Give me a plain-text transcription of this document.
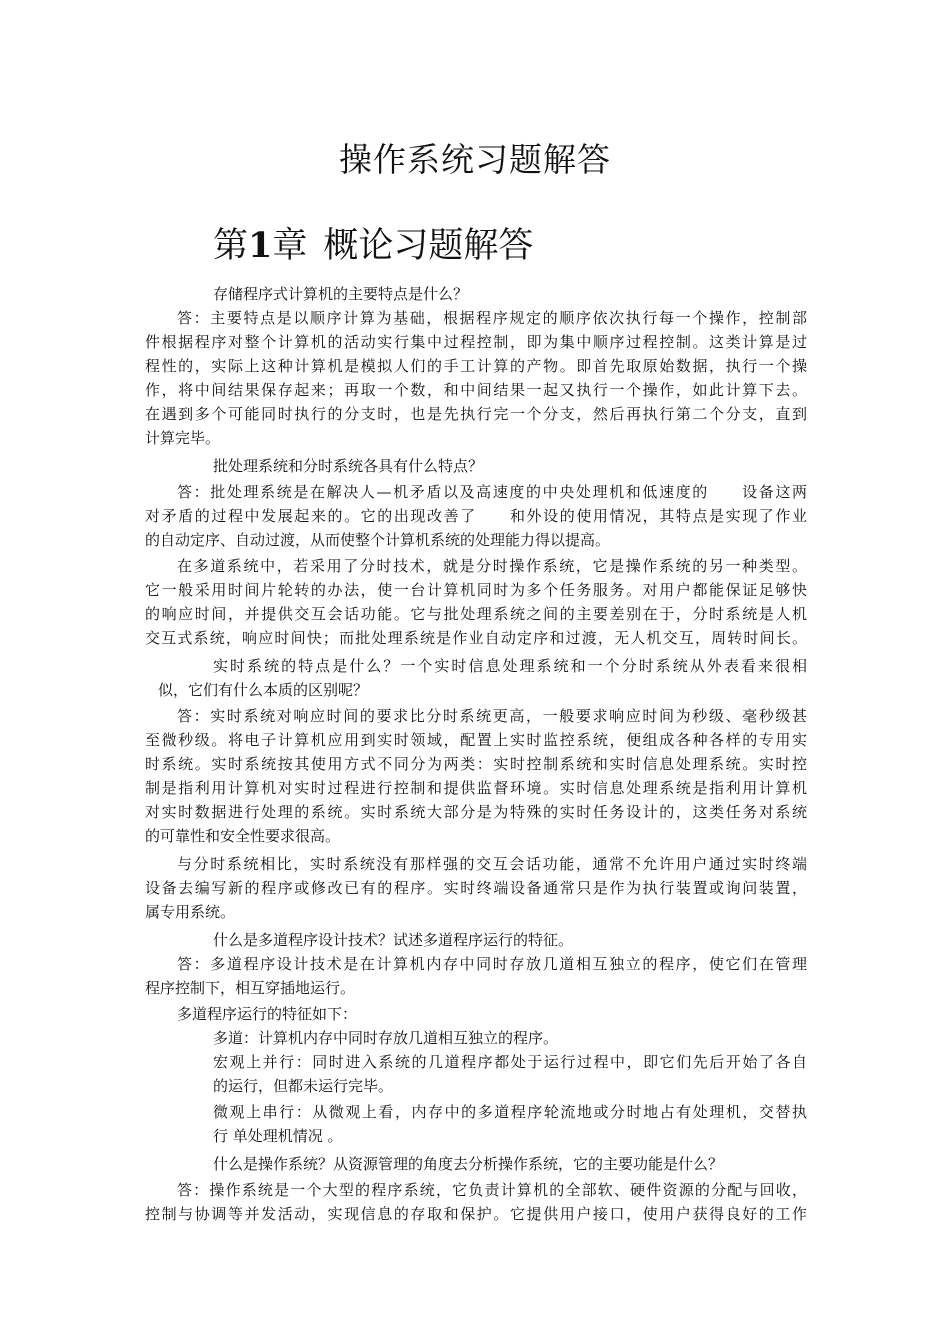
操作系统习题解答
第1章 概论习题解答
存储程序式计算机的主要特点是什么？
答：主要特点是以顺序计算为基础，根据程序规定的顺序依次执行每一个操作，控制部
件根据程序对整个计算机的活动实行集中过程控制，即为集中顺序过程控制。这类计算是过
程性的，实际上这种计算机是模拟人们的手工计算的产物。即首先取原始数据，执行一个操
作，将中间结果保存起来；再取一个数，和中间结果一起又执行一个操作，如此计算下去。
在遇到多个可能同时执行的分支时，也是先执行完一个分支，然后再执行第二个分支，直到
计算完毕。
批处理系统和分时系统各具有什么特点？
答：批处理系统是在解决人—机矛盾以及高速度的中央处理机和低速度的　　设备这两
对矛盾的过程中发展起来的。它的出现改善了　　和外设的使用情况，其特点是实现了作业
的自动定序、自动过渡，从而使整个计算机系统的处理能力得以提高。
在多道系统中，若采用了分时技术，就是分时操作系统，它是操作系统的另一种类型。
它一般采用时间片轮转的办法，使一台计算机同时为多个任务服务。对用户都能保证足够快
的响应时间，并提供交互会话功能。它与批处理系统之间的主要差别在于，分时系统是人机
交互式系统，响应时间快；而批处理系统是作业自动定序和过渡，无人机交互，周转时间长。
实时系统的特点是什么？一个实时信息处理系统和一个分时系统从外表看来很相
似，它们有什么本质的区别呢？
答：实时系统对响应时间的要求比分时系统更高，一般要求响应时间为秒级、毫秒级甚
至微秒级。将电子计算机应用到实时领域，配置上实时监控系统，便组成各种各样的专用实
时系统。实时系统按其使用方式不同分为两类：实时控制系统和实时信息处理系统。实时控
制是指利用计算机对实时过程进行控制和提供监督环境。实时信息处理系统是指利用计算机
对实时数据进行处理的系统。实时系统大部分是为特殊的实时任务设计的，这类任务对系统
的可靠性和安全性要求很高。
与分时系统相比，实时系统没有那样强的交互会话功能，通常不允许用户通过实时终端
设备去编写新的程序或修改已有的程序。实时终端设备通常只是作为执行装置或询问装置，
属专用系统。
什么是多道程序设计技术？试述多道程序运行的特征。
答：多道程序设计技术是在计算机内存中同时存放几道相互独立的程序，使它们在管理
程序控制下，相互穿插地运行。
多道程序运行的特征如下：
多道：计算机内存中同时存放几道相互独立的程序。
宏观上并行：同时进入系统的几道程序都处于运行过程中，即它们先后开始了各自
的运行，但都未运行完毕。
微观上串行：从微观上看，内存中的多道程序轮流地或分时地占有处理机，交替执
行 单处理机情况 。
什么是操作系统？从资源管理的角度去分析操作系统，它的主要功能是什么？
答：操作系统是一个大型的程序系统，它负责计算机的全部软、硬件资源的分配与回收，
控制与协调等并发活动，实现信息的存取和保护。它提供用户接口，使用户获得良好的工作
